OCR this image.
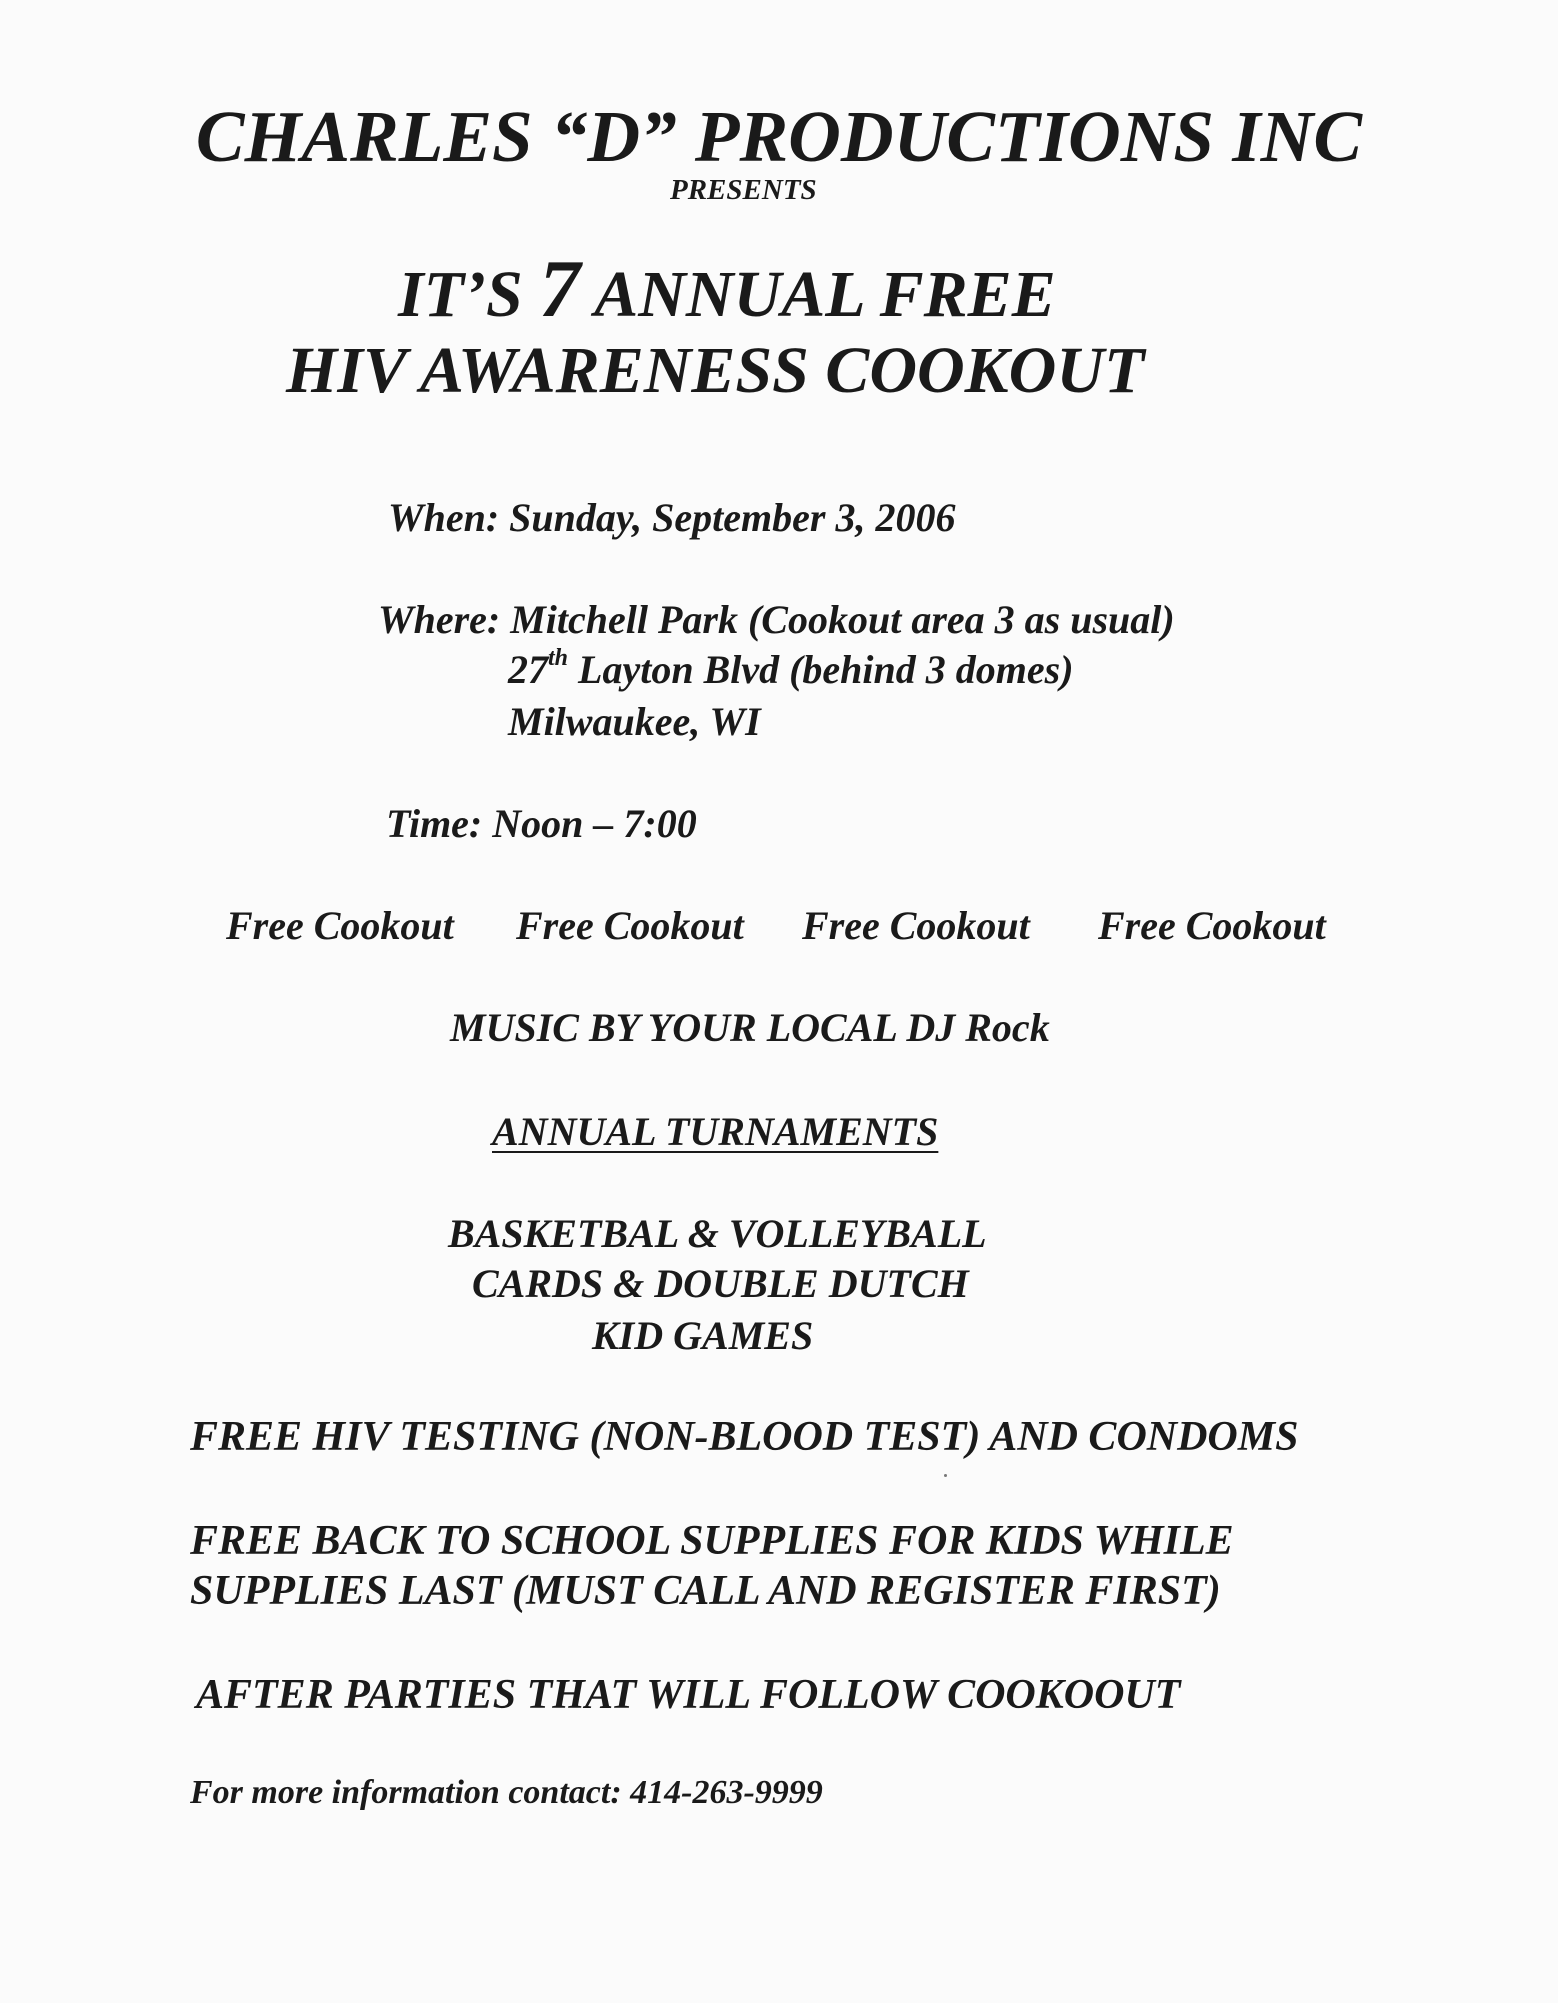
CHARLES “D” PRODUCTIONS INC
PRESENTS
IT’S 7 ANNUAL FREE
HIV AWARENESS COOKOUT
When: Sunday, September 3, 2006
Where: Mitchell Park (Cookout area 3 as usual)
27th Layton Blvd (behind 3 domes)
Milwaukee, WI
Time: Noon – 7:00
Free Cookout Free Cookout Free Cookout Free Cookout
MUSIC BY YOUR LOCAL DJ Rock
ANNUAL TURNAMENTS
BASKETBAL & VOLLEYBALL
CARDS & DOUBLE DUTCH
KID GAMES
FREE HIV TESTING (NON-BLOOD TEST) AND CONDOMS
FREE BACK TO SCHOOL SUPPLIES FOR KIDS WHILE
SUPPLIES LAST (MUST CALL AND REGISTER FIRST)
AFTER PARTIES THAT WILL FOLLOW COOKOOUT
For more information contact: 414-263-9999
